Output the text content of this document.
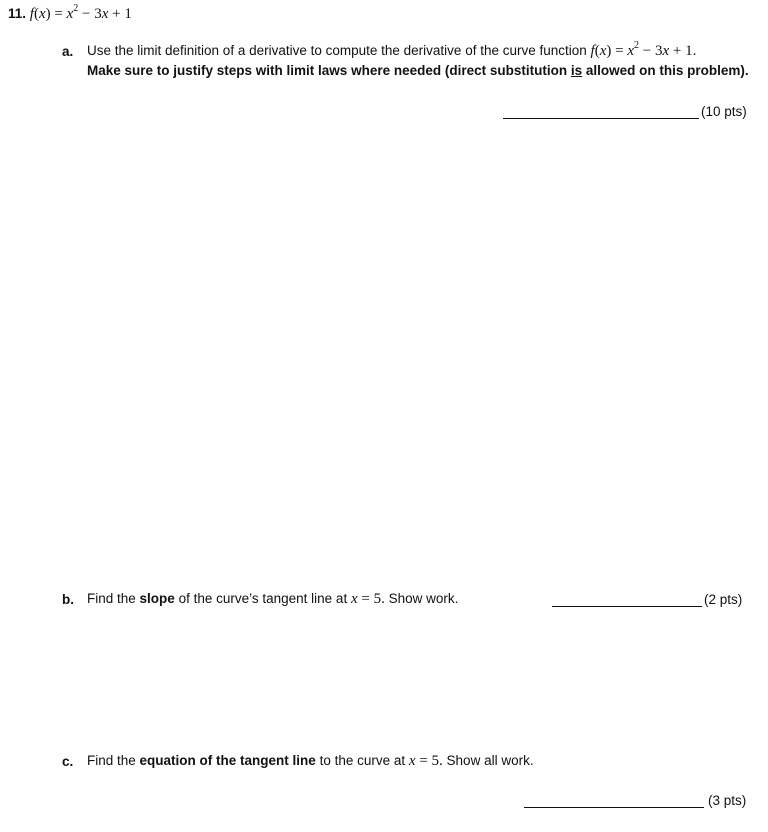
11. $f(x) = x^2 - 3x + 1$
a. Use the limit definition of a derivative to compute the derivative of the curve function $f(x) = x^2 - 3x + 1$.
Make sure to justify steps with limit laws where needed (direct substitution is allowed on this problem).
(10 pts)
b. Find the slope of the curve’s tangent line at x = 5. Show work.	(2 pts)
c. Find the equation of the tangent line to the curve at x = 5. Show all work.
(3 pts)
